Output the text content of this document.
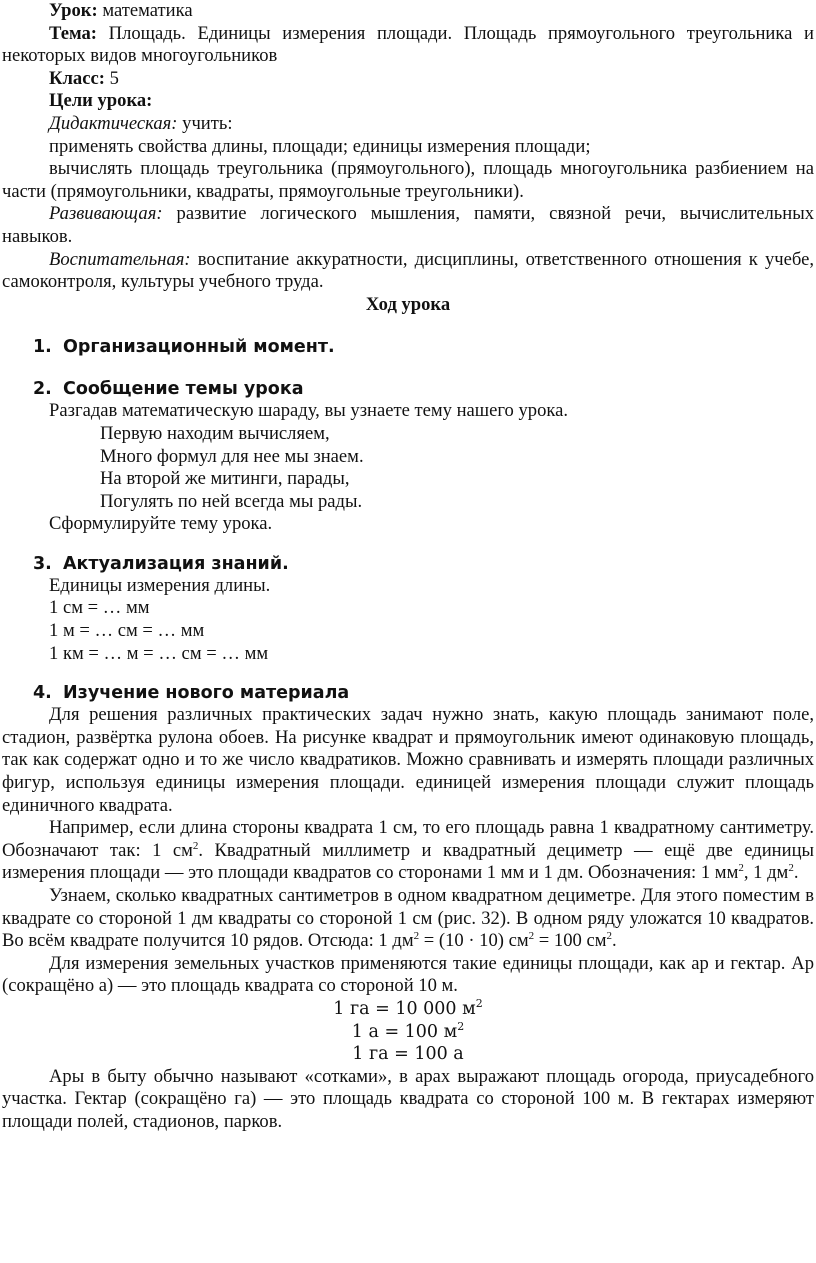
Урок: математика

Тема: Площадь. Единицы измерения площади. Площадь прямоугольного треугольника и некоторых видов многоугольников

Класс: 5

Цели урока:

Дидактическая: учить:

применять свойства длины, площади; единицы измерения площади;

вычислять площадь треугольника (прямоугольного), площадь многоугольника разбиением на части (прямоугольники, квадраты, прямоугольные треугольники).

Развивающая: развитие логического мышления, памяти, связной речи, вычислительных навыков.

Воспитательная: воспитание аккуратности, дисциплины, ответственного отношения к учебе, самоконтроля, культуры учебного труда.

Ход урока

1. Организационный момент.
2. Сообщение темы урока

Разгадав математическую шараду, вы узнаете тему нашего урока.

Первую находим вычисляем,

Много формул для нее мы знаем.

На второй же митинги, парады,

Погулять по ней всегда мы рады.

Сформулируйте тему урока.

3. Актуализация знаний.

Единицы измерения длины.

1 см = … мм

1 м = … см = … мм

1 км = … м = … см = … мм

4. Изучение нового материала

Для решения различных практических задач нужно знать, какую площадь занимают поле, стадион, развёртка рулона обоев. На рисунке квадрат и прямоугольник имеют одинаковую площадь, так как содержат одно и то же число квадратиков. Можно сравнивать и измерять площади различных фигур, используя единицы измерения площади. единицей измерения площади служит площадь единичного квадрата.

Например, если длина стороны квадрата 1 см, то его площадь равна 1 квадратному сантиметру. Обозначают так: 1 $см^2$. Квадратный миллиметр и квадратный дециметр — ещё две единицы измерения площади — это площади квадратов со сторонами 1 мм и 1 дм. Обозначения: 1 $мм^2$, 1 $дм^2$.

Узнаем, сколько квадратных сантиметров в одном квадратном дециметре. Для этого поместим в квадрате со стороной 1 дм квадраты со стороной 1 см (рис. 32). В одном ряду уложатся 10 квадратов. Во всём квадрате получится 10 рядов. Отсюда: 1 $дм^2 = (10 \cdot 10) см^2 = 100$ $см^2$.

Для измерения земельных участков применяются такие единицы площади, как ар и гектар. Ар (сокращёно а) — это площадь квадрата со стороной 10 м.

1 га = 10 000 $м^2$

1 а = 100 $м^2$

1 га = 100 а

Ары в быту обычно называют «сотками», в арах выражают площадь огорода, приусадебного участка. Гектар (сокращёно га) — это площадь квадрата со стороной 100 м. В гектарах измеряют площади полей, стадионов, парков.
